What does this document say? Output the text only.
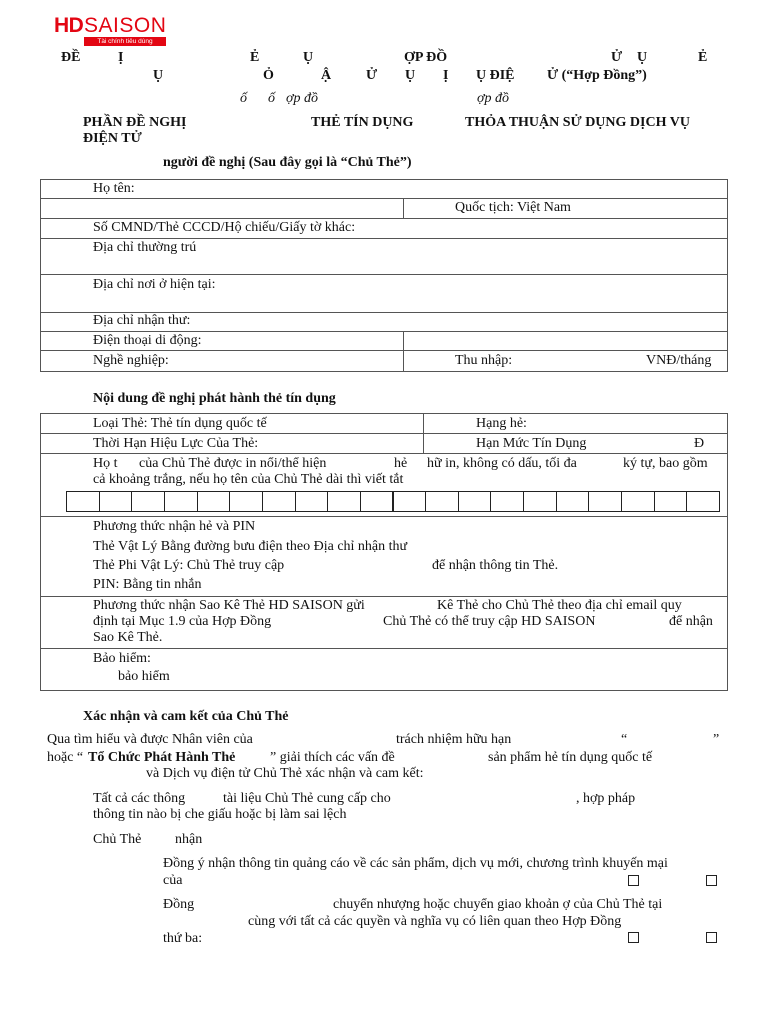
HD SAISON
Tài chính tiêu dùng
ĐỀ	Ị	Ẻ	Ụ	ỢP ĐỒ	Ử Ụ	Ẻ
Ụ	Ỏ	Ậ Ử Ụ Ị Ụ ĐIỆ Ử (“Hợp Đồng”)
ố ố ợp đồ	ợp đồ
PHẦN ĐỀ NGHỊ	THẺ TÍN DỤNG	THỎA THUẬN SỬ DỤNG DỊCH VỤ
ĐIỆN TỬ
người đề nghị (Sau đây gọi là “Chủ Thẻ”)
Họ tên:
Quốc tịch: Việt Nam
Số CMND/Thẻ CCCD/Hộ chiếu/Giấy tờ khác:
Địa chỉ thường trú
Địa chỉ nơi ở hiện tại:
Địa chỉ nhận thư:
Điện thoại di động:
Nghề nghiệp:	Thu nhập:	VNĐ/tháng
Nội dung đề nghị phát hành thẻ tín dụng
Loại Thẻ: Thẻ tín dụng quốc tế	Hạng hẻ:
Thời Hạn Hiệu Lực Của Thẻ:	Hạn Mức Tín Dụng	Đ
Họ t của Chủ Thẻ được in nổi/thể hiện	hẻ hữ in, không có dấu, tối đa	ký tự, bao gồm
cả khoảng trắng, nếu họ tên của Chủ Thẻ dài thì viết tắt
Phương thức nhận hẻ và PIN
Thẻ Vật Lý Bằng đường bưu điện theo Địa chỉ nhận thư
Thẻ Phi Vật Lý: Chủ Thẻ truy cập	để nhận thông tin Thẻ.
PIN: Bằng tin nhắn
Phương thức nhận Sao Kê Thẻ HD SAISON gửi	Kê Thẻ cho Chủ Thẻ theo địa chỉ email quy
định tại Mục 1.9 của Hợp Đồng	Chủ Thẻ có thể truy cập HD SAISON	để nhận
Sao Kê Thẻ.
Bảo hiểm:
bảo hiểm
Xác nhận và cam kết của Chủ Thẻ
Qua tìm hiểu và được Nhân viên của	trách nhiệm hữu hạn	“	”
hoặc “ Tổ Chức Phát Hành Thẻ ” giải thích các vấn đề	sản phẩm hẻ tín dụng quốc tế
và Dịch vụ điện tử Chủ Thẻ xác nhận và cam kết:
Tất cả các thông	tài liệu Chủ Thẻ cung cấp cho	, hợp pháp
thông tin nào bị che giấu hoặc bị làm sai lệch
Chủ Thẻ nhận
Đồng ý nhận thông tin quảng cáo về các sản phẩm, dịch vụ mới, chương trình khuyến mại
của
Đồng	chuyển nhượng hoặc chuyển giao khoản ợ của Chủ Thẻ tại
cùng với tất cả các quyền và nghĩa vụ có liên quan theo Hợp Đồng
thứ ba:
